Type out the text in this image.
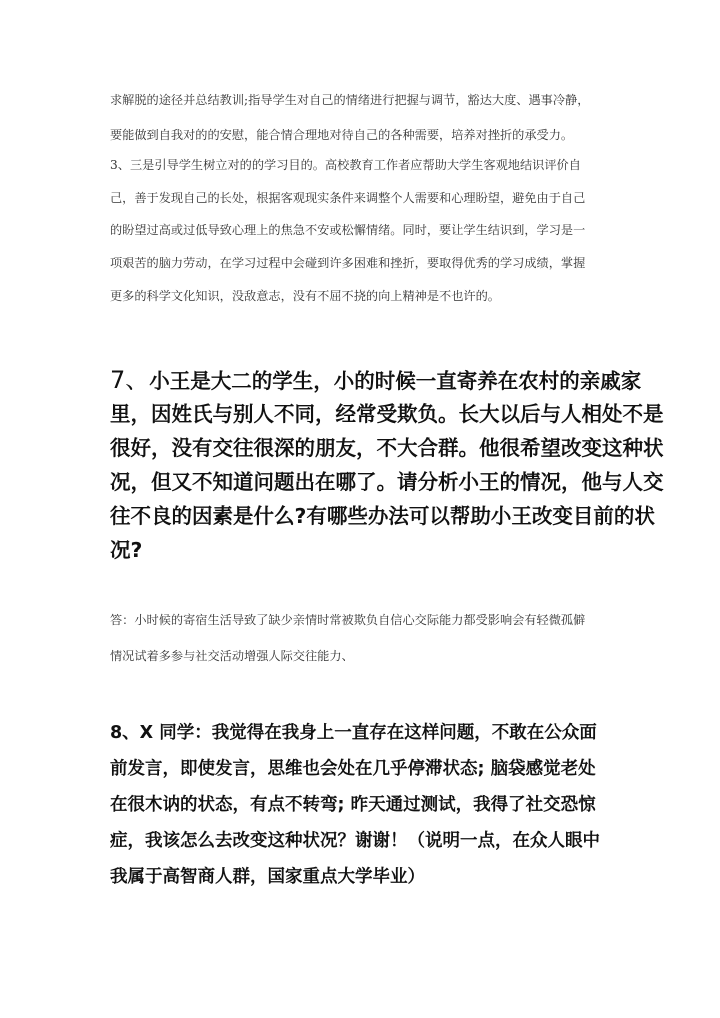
求解脱的途径并总结教训;指导学生对自己的情绪进行把握与调节，豁达大度、遇事冷静，
要能做到自我对的的安慰，能合情合理地对待自己的各种需要，培养对挫折的承受力。
3、三是引导学生树立对的的学习目的。高校教育工作者应帮助大学生客观地结识评价自
己，善于发现自己的长处，根据客观现实条件来调整个人需要和心理盼望，避免由于自己
的盼望过高或过低导致心理上的焦急不安或松懈情绪。同时，要让学生结识到，学习是一
项艰苦的脑力劳动，在学习过程中会碰到许多困难和挫折，要取得优秀的学习成绩，掌握
更多的科学文化知识，没敌意志，没有不屈不挠的向上精神是不也许的。
7、小王是大二的学生，小的时候一直寄养在农村的亲戚家
里，因姓氏与别人不同，经常受欺负。长大以后与人相处不是
很好，没有交往很深的朋友，不大合群。他很希望改变这种状
况，但又不知道问题出在哪了。请分析小王的情况，他与人交
往不良的因素是什么?有哪些办法可以帮助小王改变目前的状
况?
答：小时候的寄宿生活导致了缺少亲情时常被欺负自信心交际能力都受影响会有轻微孤僻
情况试着多参与社交活动增强人际交往能力、
8、X 同学：我觉得在我身上一直存在这样问题，不敢在公众面
前发言，即使发言，思维也会处在几乎停滞状态; 脑袋感觉老处
在很木讷的状态，有点不转弯; 昨天通过测试，我得了社交恐惊
症，我该怎么去改变这种状况？谢谢！（说明一点，在众人眼中
我属于高智商人群，国家重点大学毕业）
